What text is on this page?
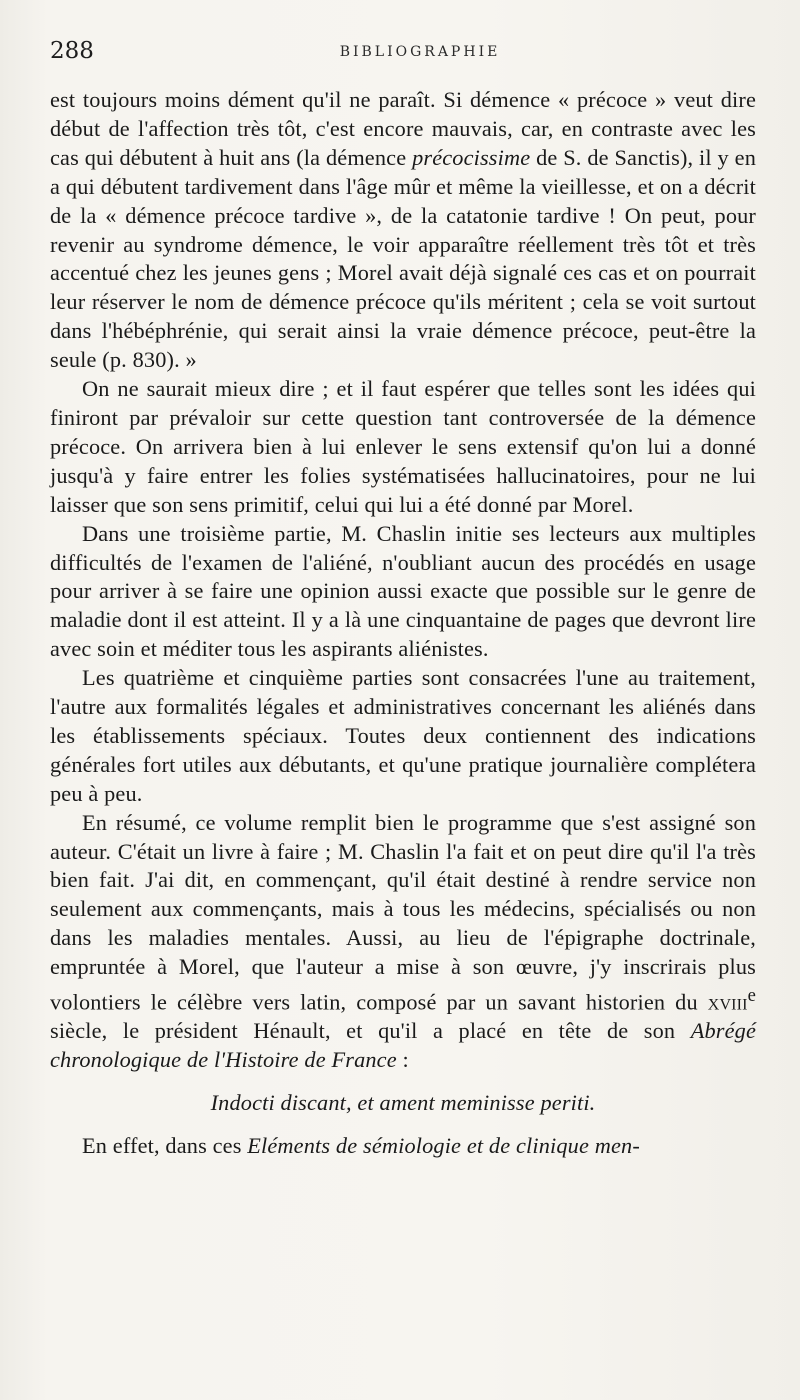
288	BIBLIOGRAPHIE

est toujours moins dément qu'il ne paraît. Si démence « précoce » veut dire début de l'affection très tôt, c'est encore mauvais, car, en contraste avec les cas qui débutent à huit ans (la démence précocissime de S. de Sanctis), il y en a qui débutent tardivement dans l'âge mûr et même la vieillesse, et on a décrit de la « démence précoce tardive », de la catatonie tardive ! On peut, pour revenir au syndrome démence, le voir apparaître réellement très tôt et très accentué chez les jeunes gens ; Morel avait déjà signalé ces cas et on pourrait leur réserver le nom de démence précoce qu'ils méritent ; cela se voit surtout dans l'hébéphrénie, qui serait ainsi la vraie démence précoce, peut-être la seule (p. 830). »

On ne saurait mieux dire ; et il faut espérer que telles sont les idées qui finiront par prévaloir sur cette question tant controversée de la démence précoce. On arrivera bien à lui enlever le sens extensif qu'on lui a donné jusqu'à y faire entrer les folies systématisées hallucinatoires, pour ne lui laisser que son sens primitif, celui qui lui a été donné par Morel.

Dans une troisième partie, M. Chaslin initie ses lecteurs aux multiples difficultés de l'examen de l'aliéné, n'oubliant aucun des procédés en usage pour arriver à se faire une opinion aussi exacte que possible sur le genre de maladie dont il est atteint. Il y a là une cinquantaine de pages que devront lire avec soin et méditer tous les aspirants aliénistes.

Les quatrième et cinquième parties sont consacrées l'une au traitement, l'autre aux formalités légales et administratives concernant les aliénés dans les établissements spéciaux. Toutes deux contiennent des indications générales fort utiles aux débutants, et qu'une pratique journalière complétera peu à peu.

En résumé, ce volume remplit bien le programme que s'est assigné son auteur. C'était un livre à faire ; M. Chaslin l'a fait et on peut dire qu'il l'a très bien fait. J'ai dit, en commençant, qu'il était destiné à rendre service non seulement aux commençants, mais à tous les médecins, spécialisés ou non dans les maladies mentales. Aussi, au lieu de l'épigraphe doctrinale, empruntée à Morel, que l'auteur a mise à son œuvre, j'y inscrirais plus volontiers le célèbre vers latin, composé par un savant historien du xviii$^e$ siècle, le président Hénault, et qu'il a placé en tête de son Abrégé chronologique de l'Histoire de France :

Indocti discant, et ament meminisse periti.

En effet, dans ces Eléments de sémiologie et de clinique men-
